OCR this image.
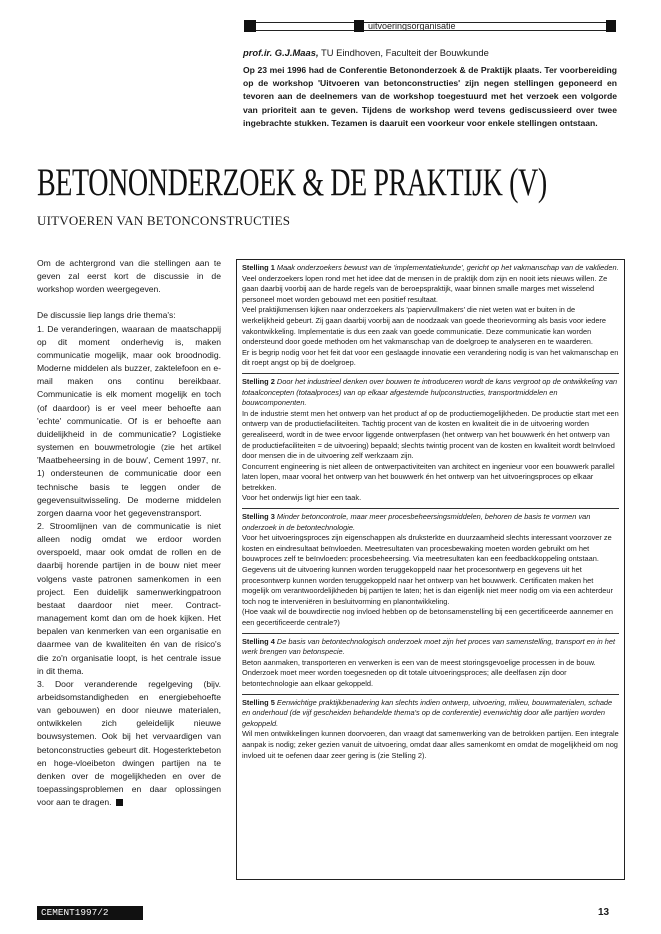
uitvoeringsorganisatie
prof.ir. G.J.Maas, TU Eindhoven, Faculteit der Bouwkunde
Op 23 mei 1996 had de Conferentie Betononderzoek & de Praktijk plaats. Ter voorbereiding op de workshop 'Uitvoeren van betonconstructies' zijn negen stellingen geponeerd en tevoren aan de deelnemers van de workshop toegestuurd met het verzoek een volgorde van prioriteit aan te geven. Tijdens de workshop werd tevens gediscussieerd over twee ingebrachte stukken. Tezamen is daaruit een voorkeur voor enkele stellingen ontstaan.
BETONONDERZOEK & DE PRAKTIJK (V)
UITVOEREN VAN BETONCONSTRUCTIES

Om de achtergrond van die stellingen aan te geven zal eerst kort de discussie in de workshop worden weergegeven.

De discussie liep langs drie thema's:

1. De veranderingen, waaraan de maatschappij op dit moment onderhevig is, maken communicatie mogelijk, maar ook broodnodig. Moderne middelen als buzzer, zaktelefoon en e-mail maken ons continu bereikbaar. Communicatie is elk moment mogelijk en toch (of daardoor) is er veel meer behoefte aan 'echte' communicatie. Of is er behoefte aan duidelijkheid in de communicatie? Logistieke systemen en bouwmetrologie (zie het artikel 'Maatbeheersing in de bouw', Cement 1997, nr. 1) ondersteunen de communicatie door een technische basis te leggen onder de gegevensuitwisseling. De moderne middelen zorgen daarna voor het gegevenstransport.

2. Stroomlijnen van de communicatie is niet alleen nodig omdat we erdoor worden overspoeld, maar ook omdat de rollen en de daarbij horende partijen in de bouw niet meer volgens vaste patronen samenkomen in een project. Een duidelijk samenwerkingpatroon bestaat daardoor niet meer. Contract-management komt dan om de hoek kijken. Het bepalen van kenmerken van een organisatie en daarmee van de kwaliteiten én van de risico's die zo'n organisatie loopt, is het centrale issue in dit thema.

3. Door veranderende regelgeving (bijv. arbeidsomstandigheden en energiebehoefte van gebouwen) en door nieuwe materialen, ontwikkelen zich geleidelijk nieuwe bouwsystemen. Ook bij het vervaardigen van betonconstructies gebeurt dit. Hogesterktebeton en hoge-vloeibeton dwingen partijen na te denken over de mogelijkheden en over de toepassingsproblemen en daar oplossingen voor aan te dragen.

Stelling 1 Maak onderzoekers bewust van de 'implementatiekunde', gericht op het vakmanschap van de vaklieden.

Veel onderzoekers lopen rond met het idee dat de mensen in de praktijk dom zijn en nooit iets nieuws willen. Ze gaan daarbij voorbij aan de harde regels van de beroepspraktijk, waar binnen smalle marges met wisselend personeel moet worden gebouwd met een positief resultaat.

Veel praktijkmensen kijken naar onderzoekers als 'papiervullmakers' die niet weten wat er buiten in de werkelijkheid gebeurt. Zij gaan daarbij voorbij aan de noodzaak van goede theorievorming als basis voor iedere vakontwikkeling. Implementatie is dus een zaak van goede communicatie. Deze communicatie kan worden ondersteund door goede methoden om het vakmanschap van de doelgroep te analyseren en te waarderen.

Er is begrip nodig voor het feit dat voor een geslaagde innovatie een verandering nodig is van het vakmanschap en dit roept angst op bij de doelgroep.

Stelling 2 Door het industrieel denken over bouwen te introduceren wordt de kans vergroot op de ontwikkeling van totaalconcepten (totaalproces) van op elkaar afgestemde hulpconstructies, transportmiddelen en bouwcomponenten.

In de industrie stemt men het ontwerp van het product af op de productiemogelijkheden. De productie start met een ontwerp van de productiefaciliteiten. Tachtig procent van de kosten en kwaliteit die in de uitvoering worden gerealiseerd, wordt in de twee ervoor liggende ontwerpfasen (het ontwerp van het bouwwerk én het ontwerp van de productiefaciliteiten = de uitvoering) bepaald; slechts twintig procent van de kosten en kwaliteit wordt beïnvloed door mensen die in de uitvoering zelf werkzaam zijn.

Concurrent engineering is niet alleen de ontwerpactiviteiten van architect en ingenieur voor een bouwwerk parallel laten lopen, maar vooral het ontwerp van het bouwwerk én het ontwerp van het uitvoeringsproces op elkaar betrekken.

Voor het onderwijs ligt hier een taak.

Stelling 3 Minder betoncontrole, maar meer procesbeheersingsmiddelen, behoren de basis te vormen van onderzoek in de betontechnologie.

Voor het uitvoeringsproces zijn eigenschappen als druksterkte en duurzaamheid slechts interessant voorzover ze kosten en eindresultaat beïnvloeden. Meetresultaten van procesbewaking moeten worden gebruikt om het bouwproces zelf te beïnvloeden: procesbeheersing. Via meetresultaten kan een feedbackkoppeling ontstaan. Gegevens uit de uitvoering kunnen worden teruggekoppeld naar het procesontwerp en gegevens uit het procesontwerp kunnen worden teruggekoppeld naar het ontwerp van het bouwwerk. Certificaten maken het mogelijk om verantwoordelijkheden bij partijen te laten; het is dan eigenlijk niet meer nodig om via een achterdeur toch nog te interveniëren in besluitvorming en planontwikkeling.

(Hoe vaak wil de bouwdirectie nog invloed hebben op de betonsamenstelling bij een gecertificeerde aannemer en een gecertificeerde centrale?)

Stelling 4 De basis van betontechnologisch onderzoek moet zijn het proces van samenstelling, transport en in het werk brengen van betonspecie.

Beton aanmaken, transporteren en verwerken is een van de meest storingsgevoelige processen in de bouw. Onderzoek moet meer worden toegesneden op dit totale uitvoeringsproces; alle deelfasen zijn door betontechnologie aan elkaar gekoppeld.

Stelling 5 Eenwichtige praktijkbenadering kan slechts indien ontwerp, uitvoering, milieu, bouwmaterialen, schade en onderhoud (de vijf gescheiden behandelde thema's op de conferentie) evenwichtig door alle partijen worden gekoppeld.

Wil men ontwikkelingen kunnen doorvoeren, dan vraagt dat samenwerking van de betrokken partijen. Een integrale aanpak is nodig; zeker gezien vanuit de uitvoering, omdat daar alles samenkomt en omdat de mogelijkheid om nog invloed uit te oefenen daar zeer gering is (zie Stelling 2).

CEMENT1997/2	13
